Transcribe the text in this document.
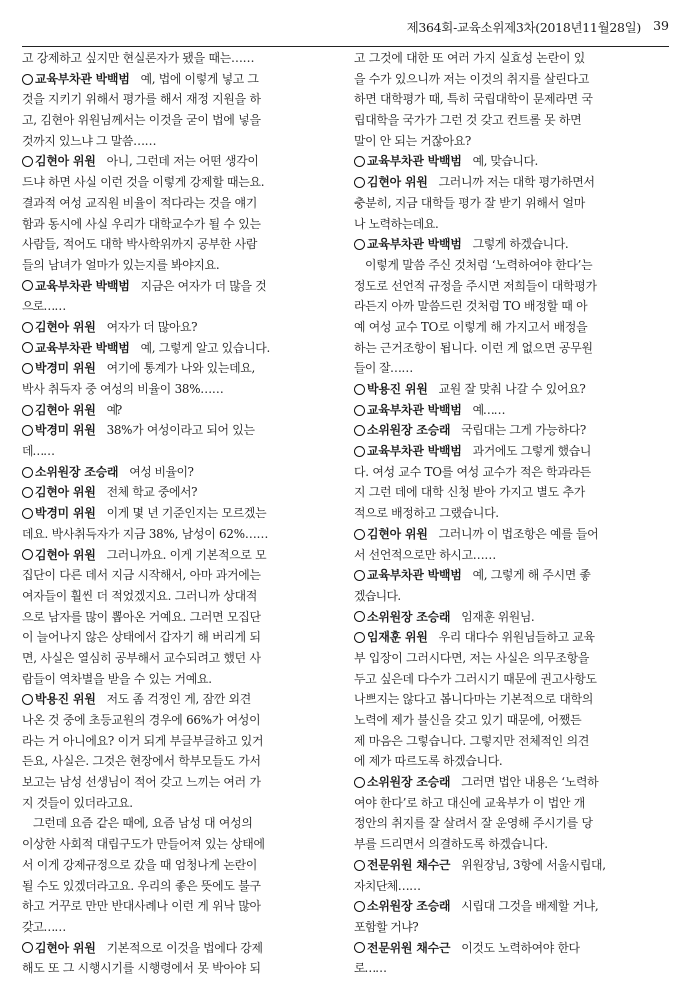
제364회-교육소위제3차(2018년11월28일) 39
고 강제하고 싶지만 현실론자가 됐을 때는……
교육부차관 박백범
예, 법에 이렇게 넣고 그
것을 지키기 위해서 평가를 해서 재정 지원을 하
고, 김현아 위원님께서는 이것을 굳이 법에 넣을
것까지 있느냐 그 말씀……
김현아 위원
아니, 그런데 저는 어떤 생각이
드냐 하면 사실 이런 것을 이렇게 강제할 때는요.
결과적 여성 교직원 비율이 적다라는 것을 얘기
함과 동시에 사실 우리가 대학교수가 될 수 있는
사람들, 적어도 대학 박사학위까지 공부한 사람
들의 남녀가 얼마가 있는지를 봐야지요.
교육부차관 박백범
지금은 여자가 더 많을 것
으로……
김현아 위원
여자가 더 많아요?
교육부차관 박백범
예, 그렇게 알고 있습니다.
박경미 위원
여기에 통계가 나와 있는데요,
박사 취득자 중 여성의 비율이 38%……
김현아 위원
예?
박경미 위원
38%가 여성이라고 되어 있는
데……
소위원장 조승래
여성 비율이?
김현아 위원
전체 학교 중에서?
박경미 위원
이게 몇 년 기준인지는 모르겠는
데요. 박사취득자가 지금 38%, 남성이 62%……
김현아 위원
그러니까요. 이게 기본적으로 모
집단이 다른 데서 지금 시작해서, 아마 과거에는
여자들이 훨씬 더 적었겠지요. 그러니까 상대적
으로 남자를 많이 뽑아온 거예요. 그러면 모집단
이 늘어나지 않은 상태에서 갑자기 해 버리게 되
면, 사실은 열심히 공부해서 교수되려고 했던 사
람들이 역차별을 받을 수 있는 거예요.
박용진 위원
저도 좀 걱정인 게, 잠깐 외견
나온 것 중에 초등교원의 경우에 66%가 여성이
라는 거 아니에요? 이거 되게 부글부글하고 있거
든요, 사실은. 그것은 현장에서 학부모들도 가서
보고는 남성 선생님이 적어 갖고 느끼는 여러 가
지 것들이 있더라고요.
그런데 요즘 같은 때에, 요즘 남성 대 여성의
이상한 사회적 대립구도가 만들어져 있는 상태에
서 이게 강제규정으로 갔을 때 엄청나게 논란이
될 수도 있겠더라고요. 우리의 좋은 뜻에도 불구
하고 거꾸로 만만 반대사례나 이런 게 위낙 많아
갖고……
김현아 위원
기본적으로 이것을 법에다 강제
해도 또 그 시행시기를 시행령에서 못 박아야 되
고 그것에 대한 또 여러 가지 실효성 논란이 있
을 수가 있으니까 저는 이것의 취지를 살린다고
하면 대학평가 때, 특히 국립대학이 문제라면 국
립대학을 국가가 그런 것 갖고 컨트롤 못 하면
말이 안 되는 거잖아요?
교육부차관 박백범
예, 맞습니다.
김현아 위원
그러니까 저는 대학 평가하면서
충분히, 지금 대학들 평가 잘 받기 위해서 얼마
나 노력하는데요.
교육부차관 박백범
그렇게 하겠습니다.
이렇게 말씀 주신 것처럼 ‘노력하여야 한다’는
정도로 선언적 규정을 주시면 저희들이 대학평가
라든지 아까 말씀드린 것처럼 TO 배정할 때 아
예 여성 교수 TO로 이렇게 해 가지고서 배정을
하는 근거조항이 됩니다. 이런 게 없으면 공무원
들이 잘……
박용진 위원
교원 잘 맞춰 나갈 수 있어요?
교육부차관 박백범
예……
소위원장 조승래
국립대는 그게 가능하다?
교육부차관 박백범
과거에도 그렇게 했습니
다. 여성 교수 TO를 여성 교수가 적은 학과라든
지 그런 데에 대학 신청 받아 가지고 별도 추가
적으로 배정하고 그랬습니다.
김현아 위원
그러니까 이 법조항은 예를 들어
서 선언적으로만 하시고……
교육부차관 박백범
예, 그렇게 해 주시면 좋
겠습니다.
소위원장 조승래
임재훈 위원님.
임재훈 위원
우리 대다수 위원님들하고 교육
부 입장이 그러시다면, 저는 사실은 의무조항을
두고 싶은데 다수가 그러시기 때문에 권고사항도
나쁘지는 않다고 봅니다마는 기본적으로 대학의
노력에 제가 불신을 갖고 있기 때문에, 어쨌든
제 마음은 그렇습니다. 그렇지만 전체적인 의견
에 제가 따르도록 하겠습니다.
소위원장 조승래
그러면 법안 내용은 ‘노력하
여야 한다’로 하고 대신에 교육부가 이 법안 개
정안의 취지를 잘 살려서 잘 운영해 주시기를 당
부를 드리면서 의결하도록 하겠습니다.
전문위원 채수근
위원장님, 3항에 서울시립대,
자치단체……
소위원장 조승래
시립대 그것을 배제할 거냐,
포함할 거냐?
전문위원 채수근
이것도 노력하여야 한다
로……
